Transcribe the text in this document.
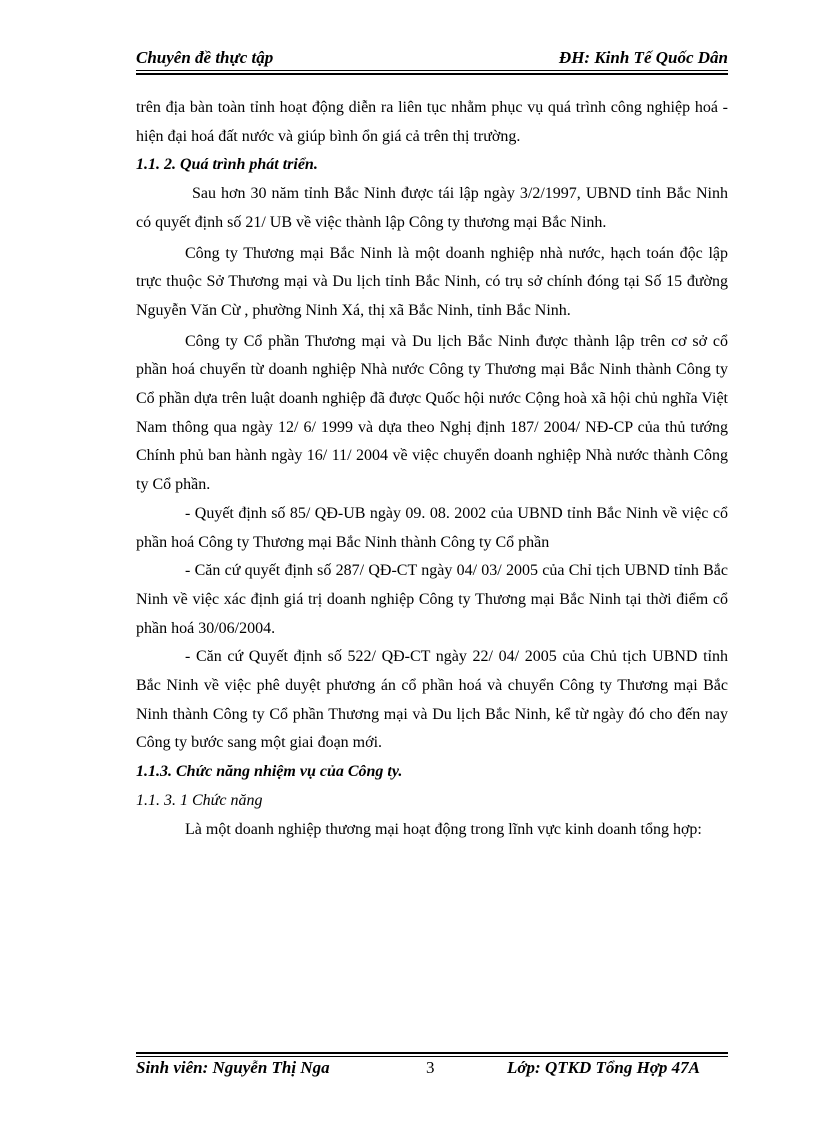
Chuyên đề thực tập	ĐH: Kinh Tế Quốc Dân

trên địa bàn toàn tỉnh hoạt động diễn ra liên tục nhằm phục vụ quá trình công nghiệp hoá - hiện đại hoá đất nước và giúp bình ổn giá cả trên thị trường.

1.1. 2. Quá trình phát triển.

Sau hơn 30 năm tỉnh Bắc Ninh được tái lập ngày 3/2/1997, UBND tỉnh Bắc Ninh có quyết định số 21/ UB về việc thành lập Công ty thương mại Bắc Ninh.

Công ty Thương mại Bắc Ninh là một doanh nghiệp nhà nước, hạch toán độc lập trực thuộc Sở Thương mại và Du lịch tỉnh Bắc Ninh, có trụ sở chính đóng tại Số 15 đường Nguyễn Văn Cừ , phường Ninh Xá, thị xã Bắc Ninh, tỉnh Bắc Ninh.

Công ty Cổ phần Thương mại và Du lịch Bắc Ninh được thành lập trên cơ sở cổ phần hoá chuyển từ doanh nghiệp Nhà nước Công ty Thương mại Bắc Ninh thành Công ty Cổ phần dựa trên luật doanh nghiệp đã được Quốc hội nước Cộng hoà xã hội chủ nghĩa Việt Nam thông qua ngày 12/ 6/ 1999 và dựa theo Nghị định 187/ 2004/ NĐ-CP của thủ tướng Chính phủ ban hành ngày 16/ 11/ 2004 về việc chuyển doanh nghiệp Nhà nước thành Công ty Cổ phần.

- Quyết định số 85/ QĐ-UB ngày 09. 08. 2002 của UBND tỉnh Bắc Ninh về việc cổ phần hoá Công ty Thương mại Bắc Ninh thành Công ty Cổ phần

- Căn cứ quyết định số 287/ QĐ-CT ngày 04/ 03/ 2005 của Chỉ tịch UBND tỉnh Bắc Ninh về việc xác định giá trị doanh nghiệp Công ty Thương mại Bắc Ninh tại thời điểm cổ phần hoá 30/06/2004.

- Căn cứ Quyết định số 522/ QĐ-CT ngày 22/ 04/ 2005 của Chủ tịch UBND tỉnh Bắc Ninh về việc phê duyệt phương án cổ phần hoá và chuyển Công ty Thương mại Bắc Ninh thành Công ty Cổ phần Thương mại và Du lịch Bắc Ninh, kể từ ngày đó cho đến nay Công ty bước sang một giai đoạn mới.

1.1.3. Chức năng nhiệm vụ của Công ty.

1.1. 3. 1 Chức năng

Là một doanh nghiệp thương mại hoạt động trong lĩnh vực kinh doanh tổng hợp:

Sinh viên: Nguyễn Thị Nga	3	Lớp: QTKD Tổng Hợp 47A
